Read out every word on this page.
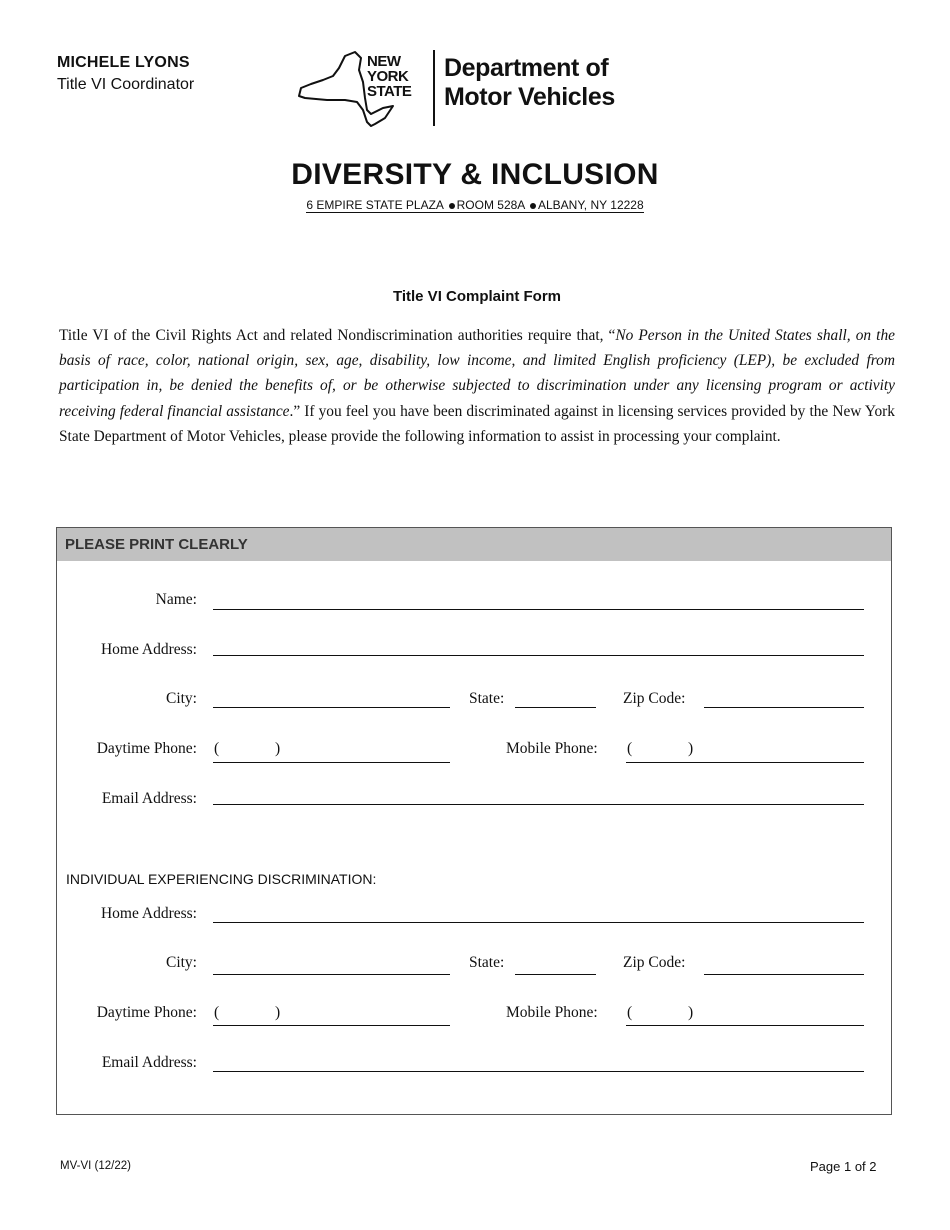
MICHELE LYONS
Title VI Coordinator
NEW
YORK
STATE
Department of
Motor Vehicles
DIVERSITY & INCLUSION
6 EMPIRE STATE PLAZA ROOM 528A ALBANY, NY 12228
Title VI Complaint Form
Title VI of the Civil Rights Act and related Nondiscrimination authorities require that, “No Person in the United States shall, on the basis of race, color, national origin, sex, age, disability, low income, and limited English proficiency (LEP), be excluded from participation in, be denied the benefits of, or be otherwise subjected to discrimination under any licensing program or activity receiving federal financial assistance.” If you feel you have been discriminated against in licensing services provided by the New York State Department of Motor Vehicles, please provide the following information to assist in processing your complaint.
PLEASE PRINT CLEARLY
Name:
Home Address:
City:	State:	Zip Code:
Daytime Phone: (	)	Mobile Phone: (	)
Email Address:
INDIVIDUAL EXPERIENCING DISCRIMINATION:
Home Address:
City:	State:	Zip Code:
Daytime Phone: (	)	Mobile Phone: (	)
Email Address:
MV-VI (12/22)	Page 1 of 2
